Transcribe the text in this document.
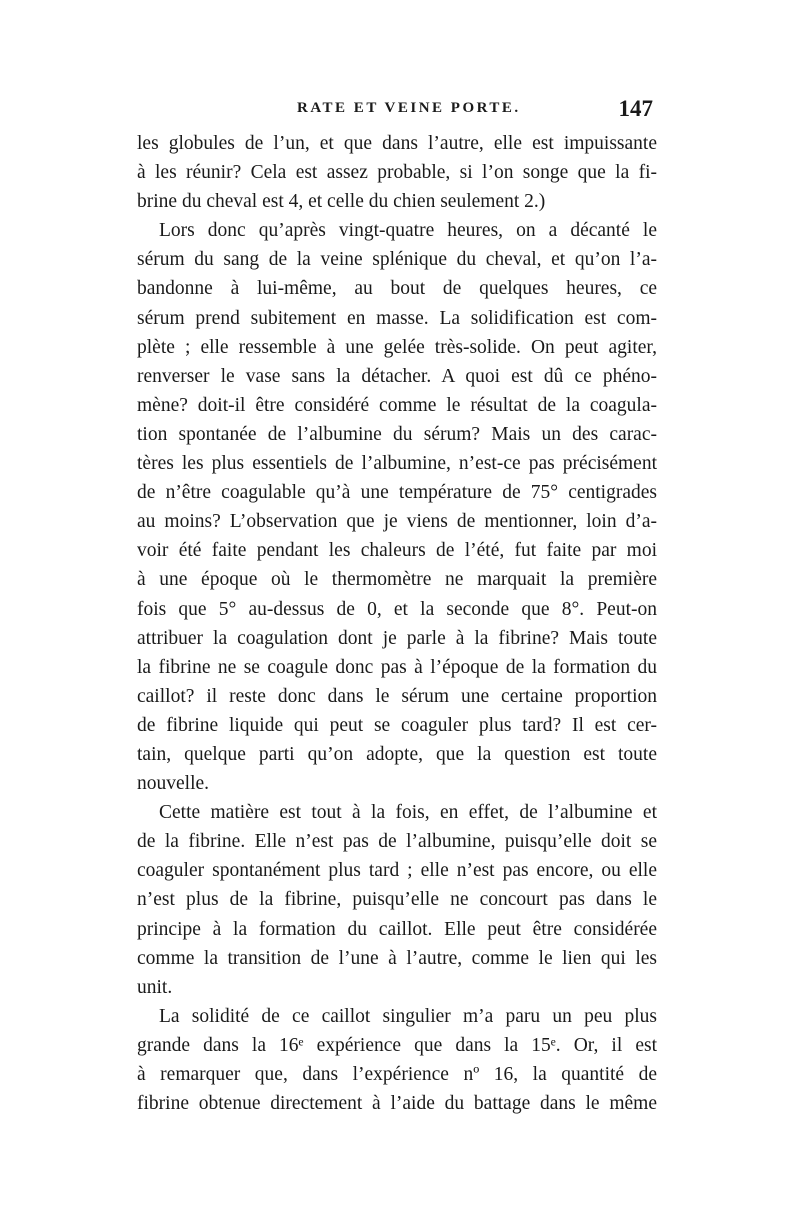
RATE ET VEINE PORTE.	147
les globules de l’un, et que dans l’autre, elle est impuissante
à les réunir? Cela est assez probable, si l’on songe que la fi-
brine du cheval est 4, et celle du chien seulement 2.)
Lors donc qu’après vingt-quatre heures, on a décanté le
sérum du sang de la veine splénique du cheval, et qu’on l’a-
bandonne à lui-même, au bout de quelques heures, ce
sérum prend subitement en masse. La solidification est com-
plète ; elle ressemble à une gelée très-solide. On peut agiter,
renverser le vase sans la détacher. A quoi est dû ce phéno-
mène? doit-il être considéré comme le résultat de la coagula-
tion spontanée de l’albumine du sérum? Mais un des carac-
tères les plus essentiels de l’albumine, n’est-ce pas précisément
de n’être coagulable qu’à une température de 75° centigrades
au moins? L’observation que je viens de mentionner, loin d’a-
voir été faite pendant les chaleurs de l’été, fut faite par moi
à une époque où le thermomètre ne marquait la première
fois que 5° au-dessus de 0, et la seconde que 8°. Peut-on
attribuer la coagulation dont je parle à la fibrine? Mais toute
la fibrine ne se coagule donc pas à l’époque de la formation du
caillot? il reste donc dans le sérum une certaine proportion
de fibrine liquide qui peut se coaguler plus tard? Il est cer-
tain, quelque parti qu’on adopte, que la question est toute
nouvelle.
Cette matière est tout à la fois, en effet, de l’albumine et
de la fibrine. Elle n’est pas de l’albumine, puisqu’elle doit se
coaguler spontanément plus tard ; elle n’est pas encore, ou elle
n’est plus de la fibrine, puisqu’elle ne concourt pas dans le
principe à la formation du caillot. Elle peut être considérée
comme la transition de l’une à l’autre, comme le lien qui les
unit.
La solidité de ce caillot singulier m’a paru un peu plus
grande dans la 16ᵉ expérience que dans la 15ᵉ. Or, il est
à remarquer que, dans l’expérience nº 16, la quantité de
fibrine obtenue directement à l’aide du battage dans le même
